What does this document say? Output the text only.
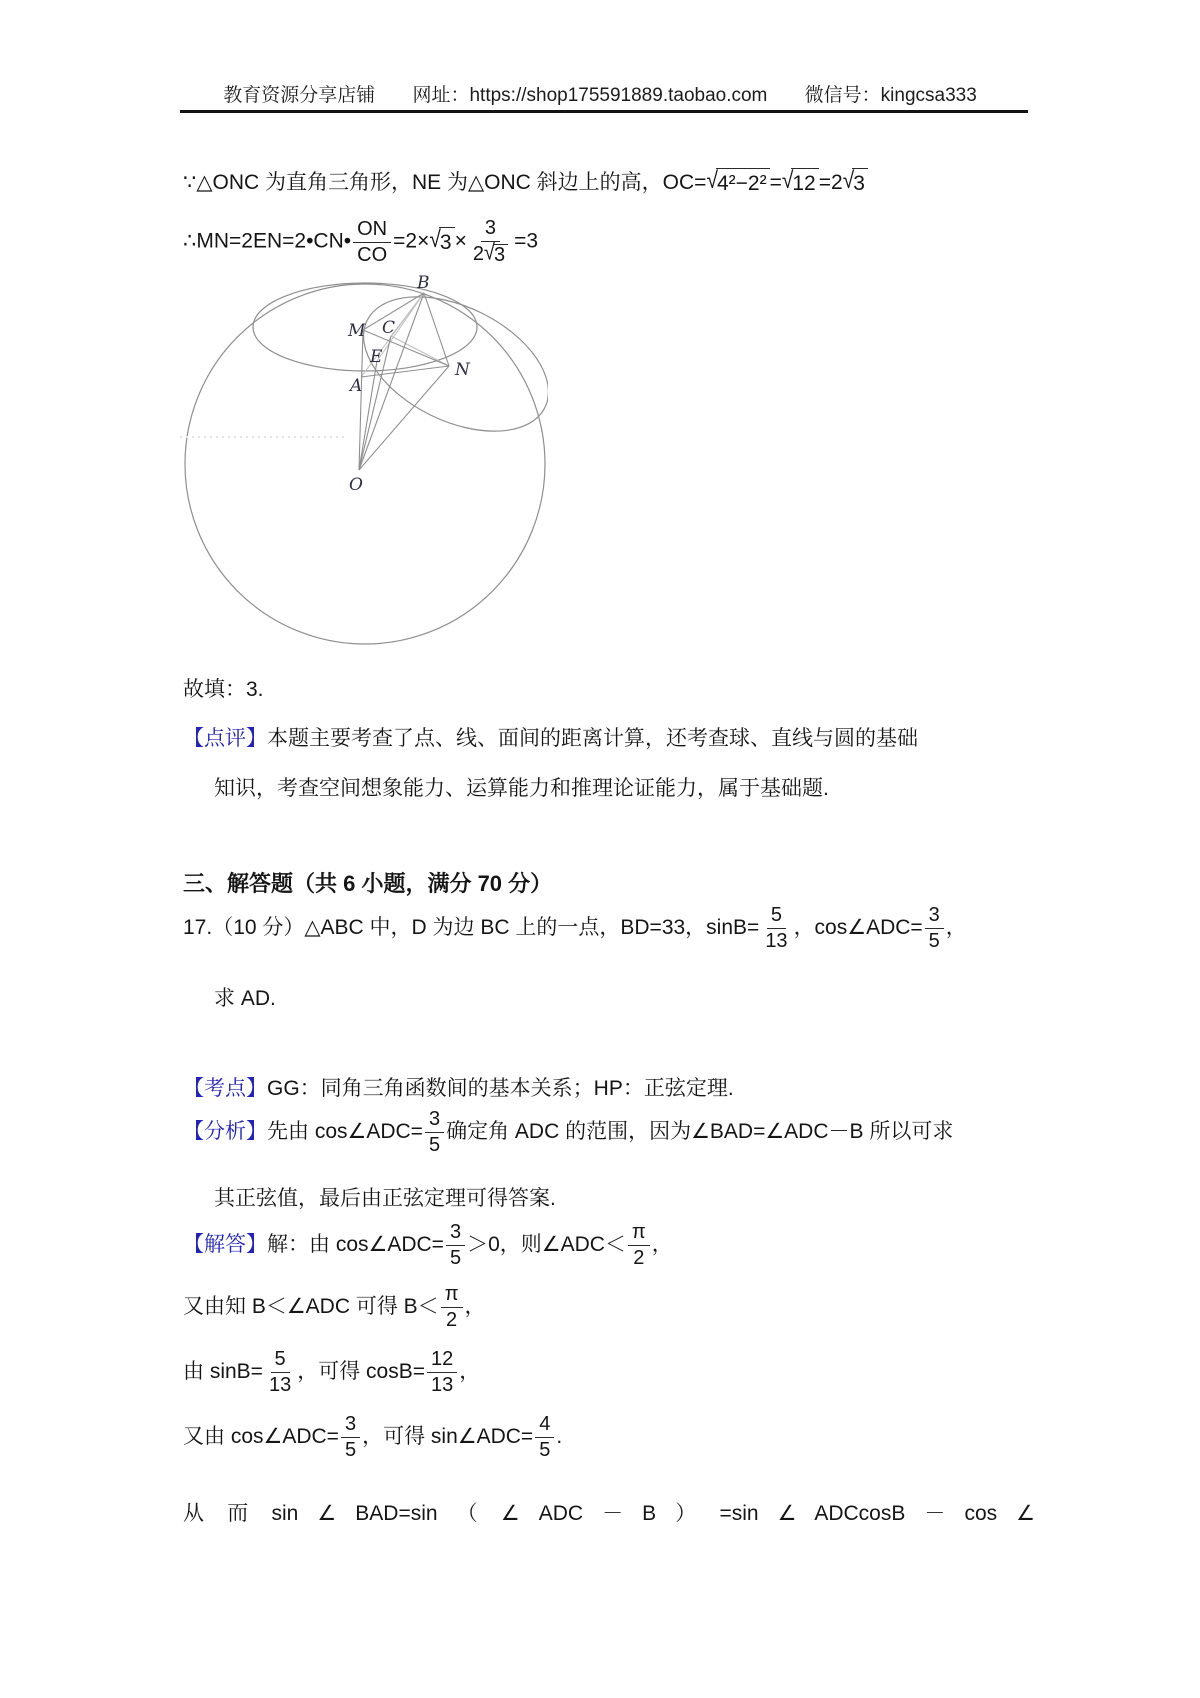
教育资源分享店铺 网址：https://shop175591889.taobao.com 微信号：kingcsa333

∵△ONC 为直角三角形，NE 为△ONC 斜边上的高，OC= √ 4²−2² = √ 12 =2 √ 3

∴MN=2EN=2•CN• $\frac{ON}{CO} =2\times$ √ $3 \times \frac{3}{2 √ 3} =3$

B
M C
E
A
N
O

故填：3.

【点评】本题主要考查了点、线、面间的距离计算，还考查球、直线与圆的基础

知识，考查空间想象能力、运算能力和推理论证能力，属于基础题.

三、解答题（共 6 小题，满分 70 分）

17.（10 分）△ABC 中，D 为边 BC 上的一点，BD=33，$\sin B= \frac{5}{13}$ ，cos∠ADC= $\frac{3}{5}$ ，

求 AD.

【考点】GG：同角三角函数间的基本关系；HP：正弦定理.

【分析】先由 cos∠ADC= $\frac{3}{5}$ 确定角 ADC 的范围，因为∠BAD=∠ADC－B 所以可求

其正弦值，最后由正弦定理可得答案.

【解答】解：由 cos∠ADC= $\frac{3}{5} >0$，则∠ADC＜ $\frac{\pi}{2}$ ，

又由知 B＜∠ADC 可得 $B< \frac{\pi}{2}$ ，

由 $\sin B= \frac{5}{13}$ ，可得 $\cos B= \frac{12}{13}$ ，

又由 cos∠ADC= $\frac{3}{5}$ ，可得 sin∠ADC= $\frac{4}{5}$ .

从 而 sin ∠ BAD=sin （ ∠ ADC － B ） =sin ∠ ADCcosB － cos ∠
